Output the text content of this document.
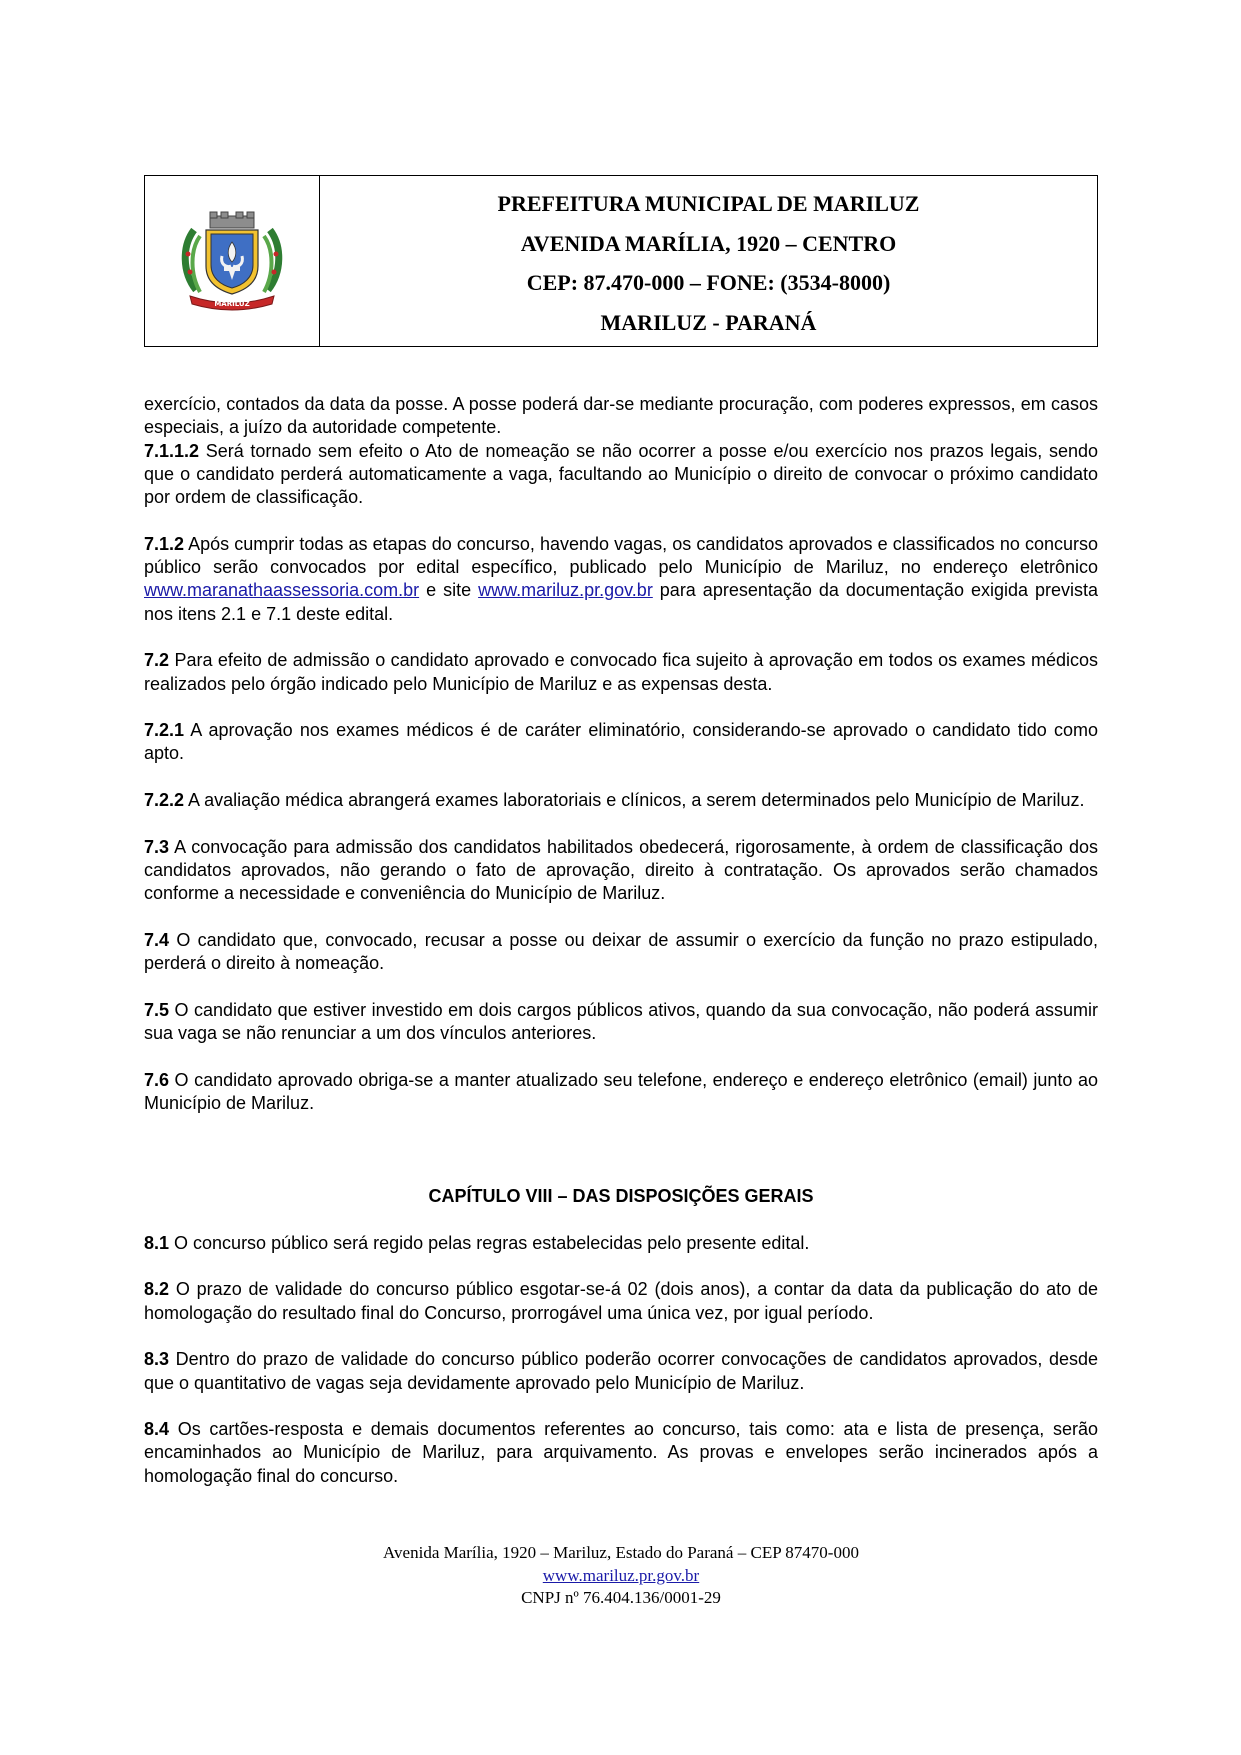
MARILUZ
PREFEITURA MUNICIPAL DE MARILUZ
AVENIDA MARÍLIA, 1920 – CENTRO
CEP: 87.470-000 – FONE: (3534-8000)
MARILUZ - PARANÁ

exercício, contados da data da posse. A posse poderá dar-se mediante procuração, com poderes expressos, em casos especiais, a juízo da autoridade competente.

7.1.1.2 Será tornado sem efeito o Ato de nomeação se não ocorrer a posse e/ou exercício nos prazos legais, sendo que o candidato perderá automaticamente a vaga, facultando ao Município o direito de convocar o próximo candidato por ordem de classificação.

7.1.2 Após cumprir todas as etapas do concurso, havendo vagas, os candidatos aprovados e classificados no concurso público serão convocados por edital específico, publicado pelo Município de Mariluz, no endereço eletrônico www.maranathaassessoria.com.br e site www.mariluz.pr.gov.br para apresentação da documentação exigida prevista nos itens 2.1 e 7.1 deste edital.

7.2 Para efeito de admissão o candidato aprovado e convocado fica sujeito à aprovação em todos os exames médicos realizados pelo órgão indicado pelo Município de Mariluz e as expensas desta.

7.2.1 A aprovação nos exames médicos é de caráter eliminatório, considerando-se aprovado o candidato tido como apto.

7.2.2 A avaliação médica abrangerá exames laboratoriais e clínicos, a serem determinados pelo Município de Mariluz.

7.3 A convocação para admissão dos candidatos habilitados obedecerá, rigorosamente, à ordem de classificação dos candidatos aprovados, não gerando o fato de aprovação, direito à contratação. Os aprovados serão chamados conforme a necessidade e conveniência do Município de Mariluz.

7.4 O candidato que, convocado, recusar a posse ou deixar de assumir o exercício da função no prazo estipulado, perderá o direito à nomeação.

7.5 O candidato que estiver investido em dois cargos públicos ativos, quando da sua convocação, não poderá assumir sua vaga se não renunciar a um dos vínculos anteriores.

7.6 O candidato aprovado obriga-se a manter atualizado seu telefone, endereço e endereço eletrônico (email) junto ao Município de Mariluz.

CAPÍTULO VIII – DAS DISPOSIÇÕES GERAIS

8.1 O concurso público será regido pelas regras estabelecidas pelo presente edital.

8.2 O prazo de validade do concurso público esgotar-se-á 02 (dois anos), a contar da data da publicação do ato de homologação do resultado final do Concurso, prorrogável uma única vez, por igual período.

8.3 Dentro do prazo de validade do concurso público poderão ocorrer convocações de candidatos aprovados, desde que o quantitativo de vagas seja devidamente aprovado pelo Município de Mariluz.

8.4 Os cartões-resposta e demais documentos referentes ao concurso, tais como: ata e lista de presença, serão encaminhados ao Município de Mariluz, para arquivamento. As provas e envelopes serão incinerados após a homologação final do concurso.

Avenida Marília, 1920 – Mariluz, Estado do Paraná – CEP 87470-000
www.mariluz.pr.gov.br
CNPJ nº 76.404.136/0001-29
